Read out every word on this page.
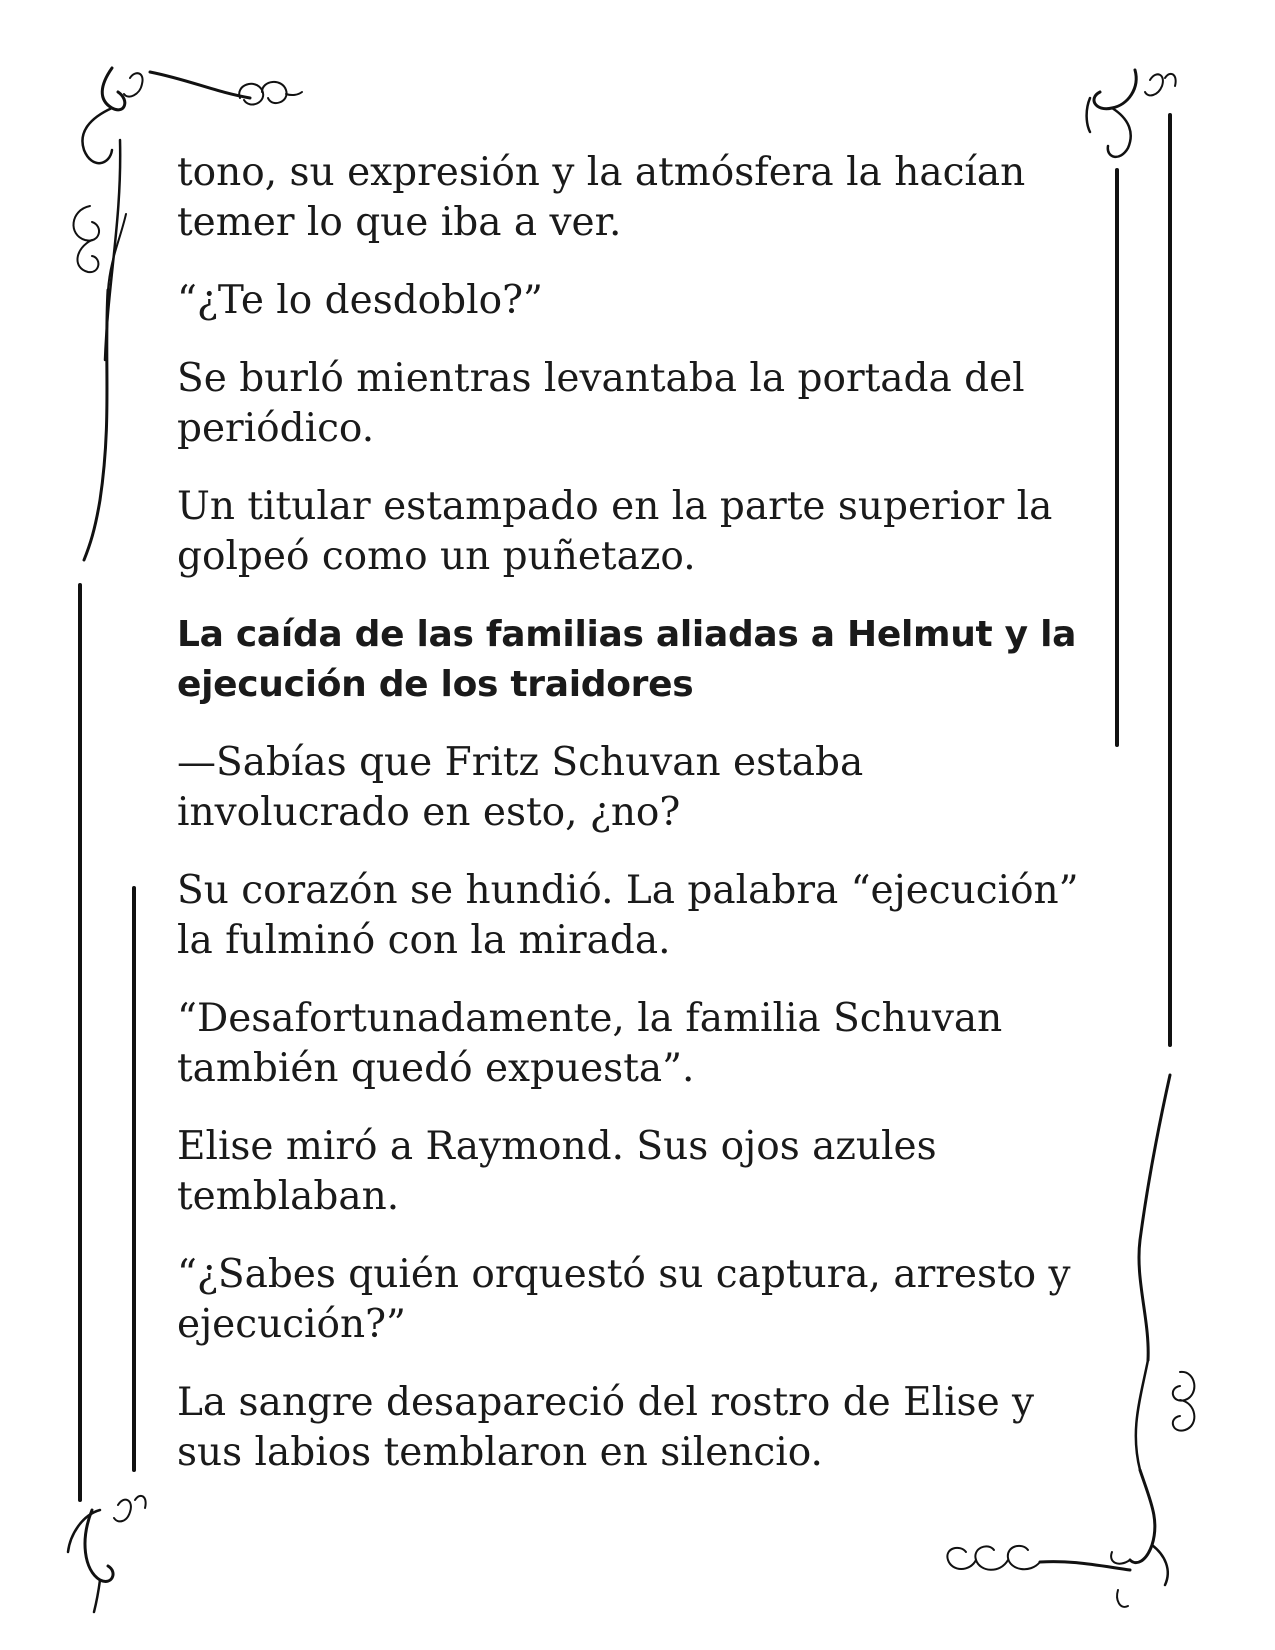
tono, su expresión y la atmósfera la hacían temer lo que iba a ver.

“¿Te lo desdoblo?”

Se burló mientras levantaba la portada del periódico.

Un titular estampado en la parte superior la golpeó como un puñetazo.

La caída de las familias aliadas a Helmut y la ejecución de los traidores

—Sabías que Fritz Schuvan estaba involucrado en esto, ¿no?

Su corazón se hundió. La palabra “ejecución” la fulminó con la mirada.

“Desafortunadamente, la familia Schuvan también quedó expuesta”.

Elise miró a Raymond. Sus ojos azules temblaban.

“¿Sabes quién orquestó su captura, arresto y ejecución?”

La sangre desapareció del rostro de Elise y sus labios temblaron en silencio.
